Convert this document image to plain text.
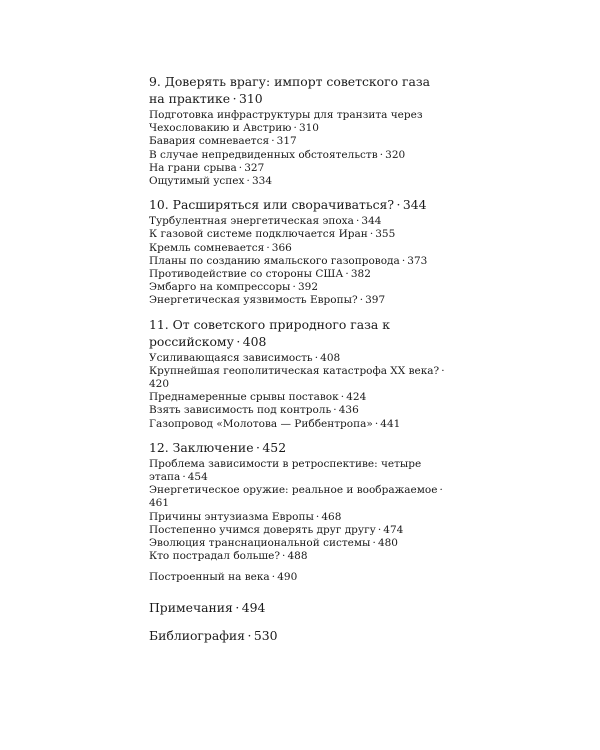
9. Доверять врагу: импорт советского газа на практике · 310
Подготовка инфраструктуры для транзита через Чехословакию и Австрию · 310
Бавария сомневается · 317
В случае непредвиденных обстоятельств · 320
На грани срыва · 327
Ощутимый успех · 334
10. Расширяться или сворачиваться? · 344
Турбулентная энергетическая эпоха · 344
К газовой системе подключается Иран · 355
Кремль сомневается · 366
Планы по созданию ямальского газопровода · 373
Противодействие со стороны США · 382
Эмбарго на компрессоры · 392
Энергетическая уязвимость Европы? · 397
11. От советского природного газа к российскому · 408
Усиливающаяся зависимость · 408
Крупнейшая геополитическая катастрофа XX века? ·420
Преднамеренные срывы поставок · 424
Взять зависимость под контроль · 436
Газопровод «Молотова — Риббентропа» · 441
12. Заключение · 452
Проблема зависимости в ретроспективе: четыре этапа · 454
Энергетическое оружие: реальное и воображаемое ·461
Причины энтузиазма Европы · 468
Постепенно учимся доверять друг другу · 474
Эволюция транснациональной системы · 480
Кто пострадал больше? · 488
Построенный на века · 490
Примечания · 494
Библиография · 530
